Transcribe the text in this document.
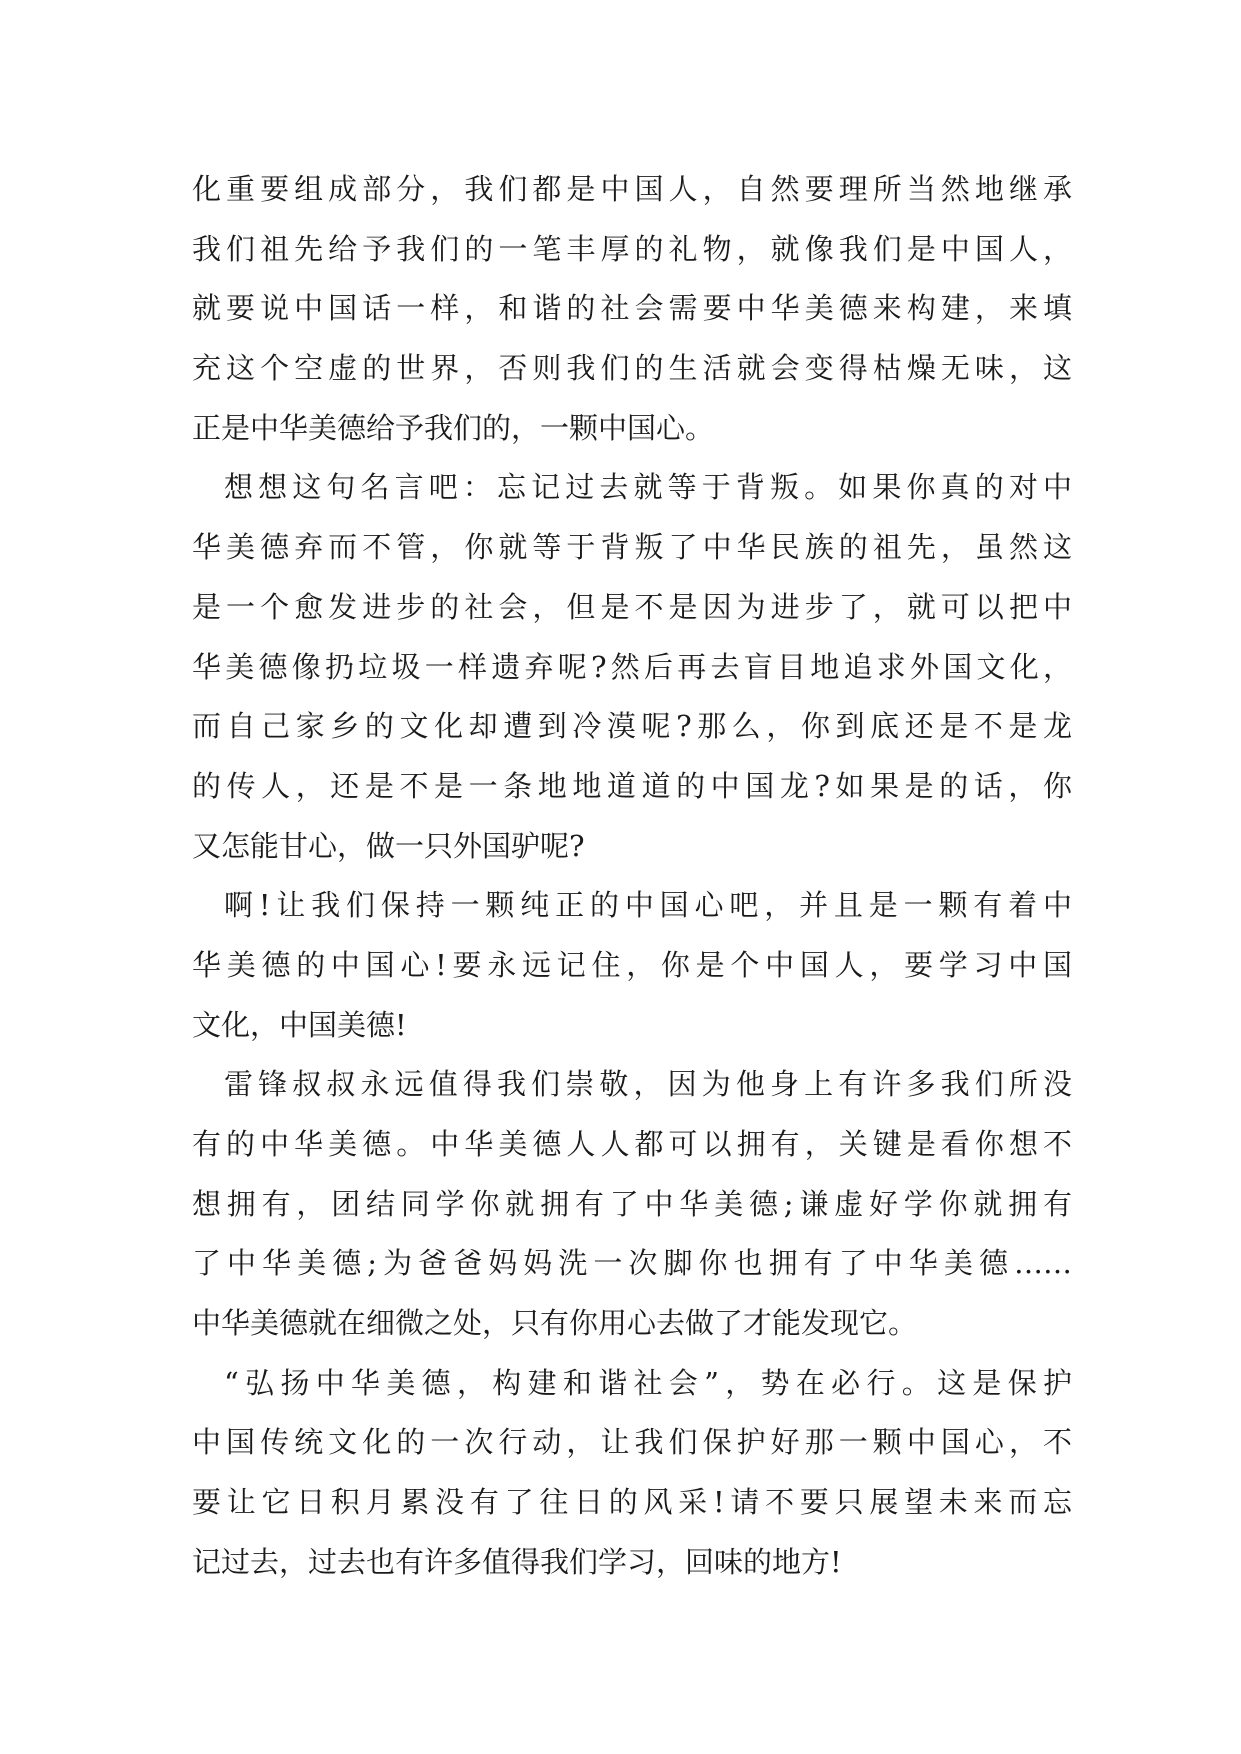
化重要组成部分，我们都是中国人，自然要理所当然地继承
我们祖先给予我们的一笔丰厚的礼物，就像我们是中国人，
就要说中国话一样，和谐的社会需要中华美德来构建，来填
充这个空虚的世界，否则我们的生活就会变得枯燥无味，这
正是中华美德给予我们的，一颗中国心。
想想这句名言吧：忘记过去就等于背叛。如果你真的对中
华美德弃而不管，你就等于背叛了中华民族的祖先，虽然这
是一个愈发进步的社会，但是不是因为进步了，就可以把中
华美德像扔垃圾一样遗弃呢?然后再去盲目地追求外国文化，
而自己家乡的文化却遭到冷漠呢?那么，你到底还是不是龙
的传人，还是不是一条地地道道的中国龙?如果是的话，你
又怎能甘心，做一只外国驴呢?
啊!让我们保持一颗纯正的中国心吧，并且是一颗有着中
华美德的中国心!要永远记住，你是个中国人，要学习中国
文化，中国美德!
雷锋叔叔永远值得我们崇敬，因为他身上有许多我们所没
有的中华美德。中华美德人人都可以拥有，关键是看你想不
想拥有，团结同学你就拥有了中华美德;谦虚好学你就拥有
了中华美德;为爸爸妈妈洗一次脚你也拥有了中华美德……
中华美德就在细微之处，只有你用心去做了才能发现它。
“弘扬中华美德，构建和谐社会”，势在必行。这是保护
中国传统文化的一次行动，让我们保护好那一颗中国心，不
要让它日积月累没有了往日的风采!请不要只展望未来而忘
记过去，过去也有许多值得我们学习，回味的地方!
